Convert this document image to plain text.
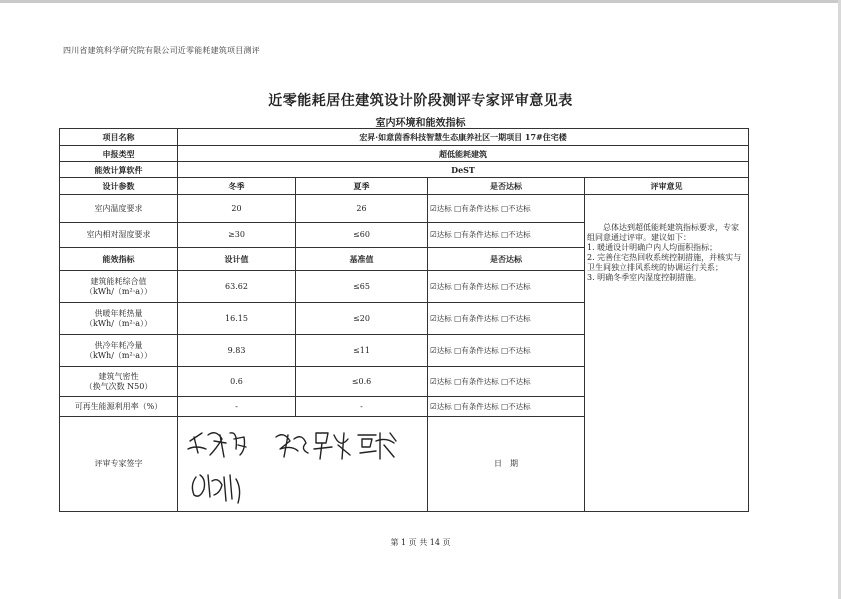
四川省建筑科学研究院有限公司近零能耗建筑项目测评
近零能耗居住建筑设计阶段测评专家评审意见表
室内环境和能效指标
项目名称	宏昇·如意茵香科技智慧生态康养社区一期项目 17#住宅楼				
申报类型	超低能耗建筑				
能效计算软件	DeST				
设计参数	冬季	夏季	是否达标	评审意见	
室内温度要求	20	26	☑达标 □有条件达标 □不达标	总体达到超低能耗建筑指标要求，专家组同意通过评审。建议如下：

1. 暖通设计明确户内人均面积指标；

2. 完善住宅热回收系统控制措施，并核实与卫生间独立排风系统的协调运行关系；

3. 明确冬季室内湿度控制措施。	

室内相对湿度要求	≥30	≤60	☑达标 □有条件达标 □不达标		
能效指标	设计值	基准值	是否达标		
建筑能耗综合值
（kWh/（m²·a））	63.62	≤65	☑达标 □有条件达标 □不达标		
供暖年耗热量
（kWh/（m²·a））	16.15	≤20	☑达标 □有条件达标 □不达标		
供冷年耗冷量
（kWh/（m²·a））	9.83	≤11	☑达标 □有条件达标 □不达标		
建筑气密性
（换气次数 N50）	0.6	≤0.6	☑达标 □有条件达标 □不达标		
可再生能源利用率（%）	-	-	☑达标 □有条件达标 □不达标		
评审专家签字			日　期	
第 1 页 共 14 页
